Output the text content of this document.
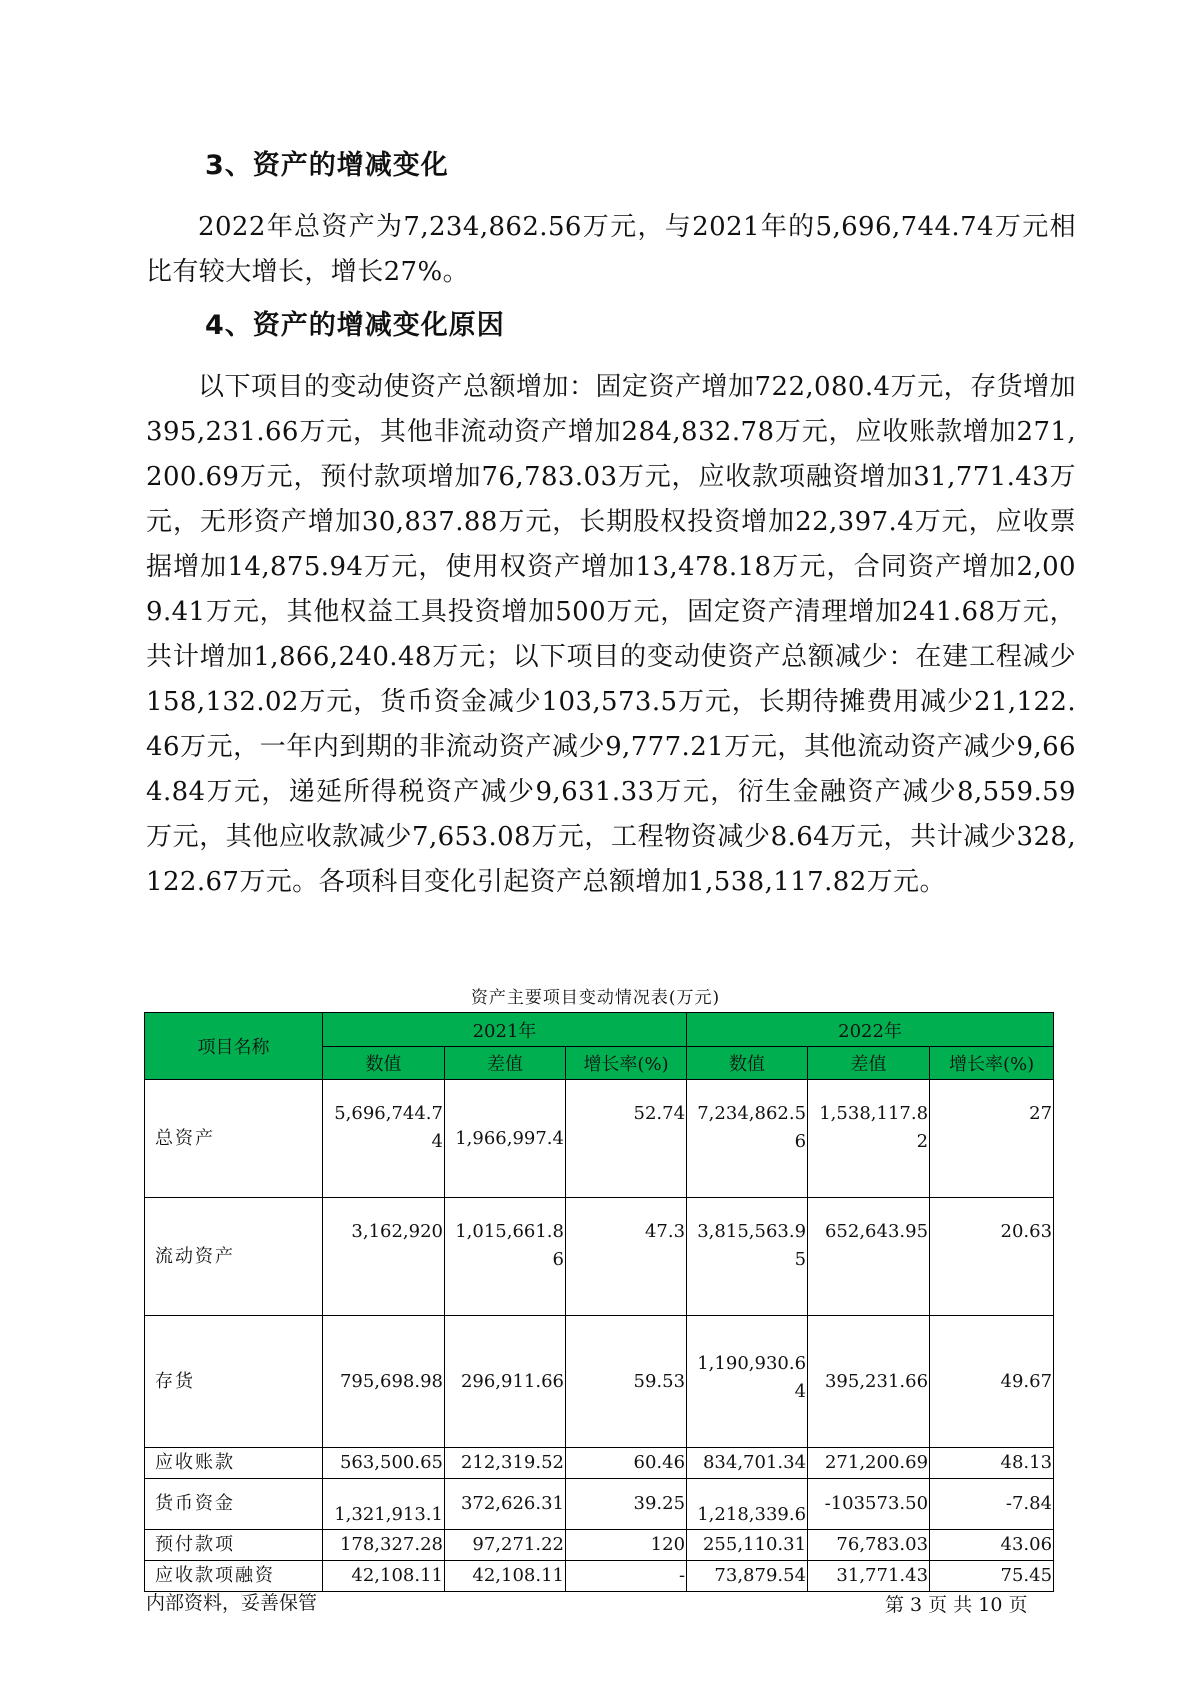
3、资产的增减变化

2022年总资产为7,234,862.56万元，与2021年的5,696,744.74万元相比有较大增长，增长27%。

4、资产的增减变化原因

以下项目的变动使资产总额增加：固定资产增加722,080.4万元，存货增加395,231.66万元，其他非流动资产增加284,832.78万元，应收账款增加271,200.69万元，预付款项增加76,783.03万元，应收款项融资增加31,771.43万元，无形资产增加30,837.88万元，长期股权投资增加22,397.4万元，应收票据增加14,875.94万元，使用权资产增加13,478.18万元，合同资产增加2,009.41万元，其他权益工具投资增加500万元，固定资产清理增加241.68万元，共计增加1,866,240.48万元；以下项目的变动使资产总额减少：在建工程减少158,132.02万元，货币资金减少103,573.5万元，长期待摊费用减少21,122.46万元，一年内到期的非流动资产减少9,777.21万元，其他流动资产减少9,664.84万元，递延所得税资产减少9,631.33万元，衍生金融资产减少8,559.59万元，其他应收款减少7,653.08万元，工程物资减少8.64万元，共计减少328,122.67万元。各项科目变化引起资产总额增加1,538,117.82万元。

资产主要项目变动情况表(万元)
项目名称	2021年			2022年		
	数值	差值	增长率(%)	数值	差值	增长率(%)
总资产	5,696,744.74	1,966,997.4	52.74	7,234,862.56	1,538,117.82	27
流动资产	3,162,920	1,015,661.86	47.3	3,815,563.95	652,643.95	20.63
存货	795,698.98	296,911.66	59.53	1,190,930.64	395,231.66	49.67
应收账款	563,500.65	212,319.52	60.46	834,701.34	271,200.69	48.13
货币资金	1,321,913.1	372,626.31	39.25	1,218,339.6	-103573.50	-7.84
预付款项	178,327.28	97,271.22	120	255,110.31	76,783.03	43.06
应收款项融资	42,108.11	42,108.11	-	73,879.54	31,771.43	75.45
内部资料，妥善保管	第 3 页 共 10 页
